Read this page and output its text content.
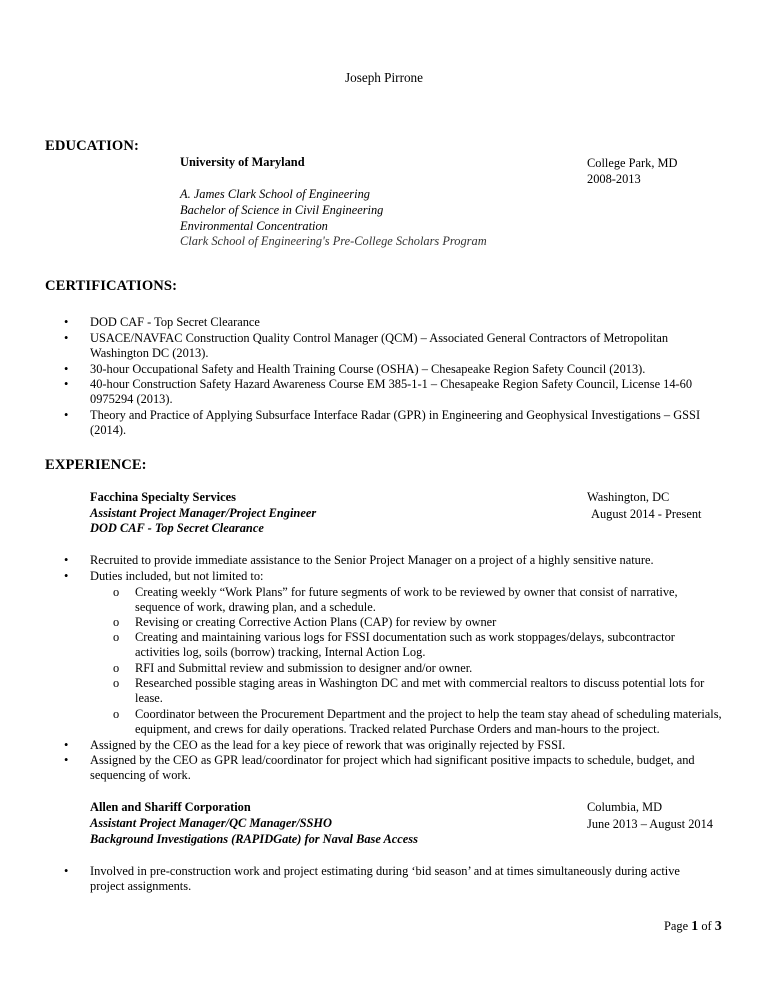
Joseph Pirrone
EDUCATION:
University of Maryland	College Park, MD
2008-2013
A. James Clark School of Engineering
Bachelor of Science in Civil Engineering
Environmental Concentration
Clark School of Engineering's Pre-College Scholars Program
CERTIFICATIONS:
• DOD CAF - Top Secret Clearance
• USACE/NAVFAC Construction Quality Control Manager (QCM) – Associated General Contractors of Metropolitan Washington DC (2013).
• 30-hour Occupational Safety and Health Training Course (OSHA) – Chesapeake Region Safety Council (2013).
• 40-hour Construction Safety Hazard Awareness Course EM 385-1-1 – Chesapeake Region Safety Council, License 14-600975294 (2013).
• Theory and Practice of Applying Subsurface Interface Radar (GPR) in Engineering and Geophysical Investigations – GSSI (2014).
EXPERIENCE:
Facchina Specialty Services	Washington, DC
Assistant Project Manager/Project Engineer	August 2014 - Present
DOD CAF - Top Secret Clearance
• Recruited to provide immediate assistance to the Senior Project Manager on a project of a highly sensitive nature.
• Duties included, but not limited to:
o Creating weekly “Work Plans” for future segments of work to be reviewed by owner that consist of narrative, sequence of work, drawing plan, and a schedule.
o Revising or creating Corrective Action Plans (CAP) for review by owner
o Creating and maintaining various logs for FSSI documentation such as work stoppages/delays, subcontractor activities log, soils (borrow) tracking, Internal Action Log.
o RFI and Submittal review and submission to designer and/or owner.
o Researched possible staging areas in Washington DC and met with commercial realtors to discuss potential lots for lease.
o Coordinator between the Procurement Department and the project to help the team stay ahead of scheduling materials, equipment, and crews for daily operations. Tracked related Purchase Orders and man-hours to the project.
• Assigned by the CEO as the lead for a key piece of rework that was originally rejected by FSSI.
• Assigned by the CEO as GPR lead/coordinator for project which had significant positive impacts to schedule, budget, and sequencing of work.
Allen and Shariff Corporation	Columbia, MD
Assistant Project Manager/QC Manager/SSHO	June 2013 – August 2014
Background Investigations (RAPIDGate) for Naval Base Access
• Involved in pre-construction work and project estimating during ‘bid season’ and at times simultaneously during active project assignments.
Page 1 of 3
